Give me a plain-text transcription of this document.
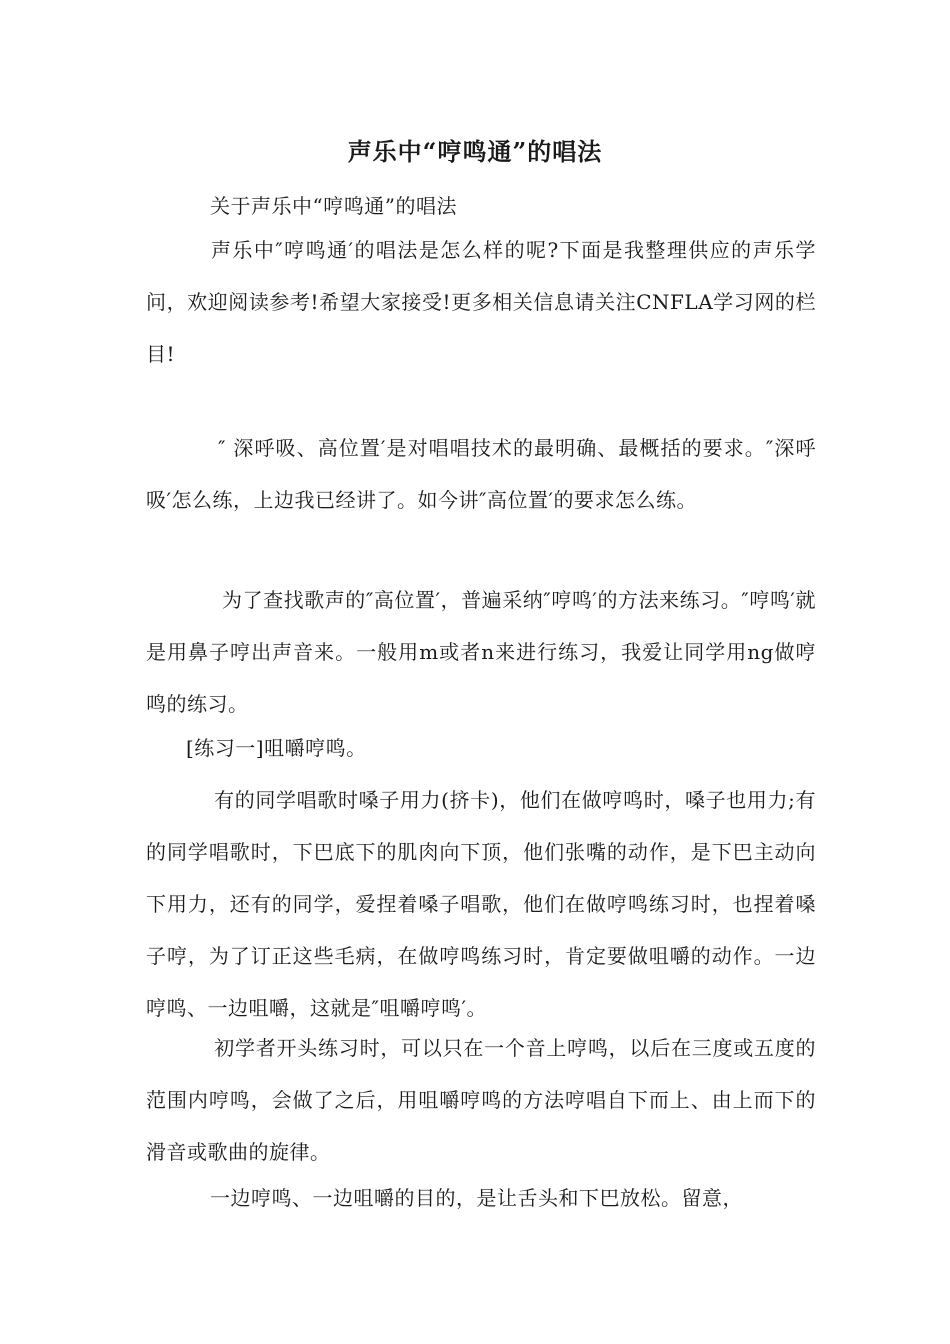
声乐中“哼鸣通”的唱法
关于声乐中“哼鸣通”的唱法
声乐中″哼鸣通′的唱法是怎么样的呢?下面是我整理供应的声乐学问，欢迎阅读参考!希望大家接受!更多相关信息请关注CNFLA学习网的栏目!
″ 深呼吸、高位置′是对唱唱技术的最明确、最概括的要求。″深呼吸′怎么练，上边我已经讲了。如今讲″高位置′的要求怎么练。
为了查找歌声的″高位置′，普遍采纳″哼鸣′的方法来练习。″哼鸣′就是用鼻子哼出声音来。一般用m或者n来进行练习，我爱让同学用ng做哼鸣的练习。
[练习一]咀嚼哼鸣。
有的同学唱歌时嗓子用力(挤卡)，他们在做哼鸣时，嗓子也用力;有的同学唱歌时，下巴底下的肌肉向下顶，他们张嘴的动作，是下巴主动向下用力，还有的同学，爱捏着嗓子唱歌，他们在做哼鸣练习时，也捏着嗓子哼，为了订正这些毛病，在做哼鸣练习时，肯定要做咀嚼的动作。一边哼鸣、一边咀嚼，这就是″咀嚼哼鸣′。
初学者开头练习时，可以只在一个音上哼鸣，以后在三度或五度的范围内哼鸣，会做了之后，用咀嚼哼鸣的方法哼唱自下而上、由上而下的滑音或歌曲的旋律。
一边哼鸣、一边咀嚼的目的，是让舌头和下巴放松。留意，
